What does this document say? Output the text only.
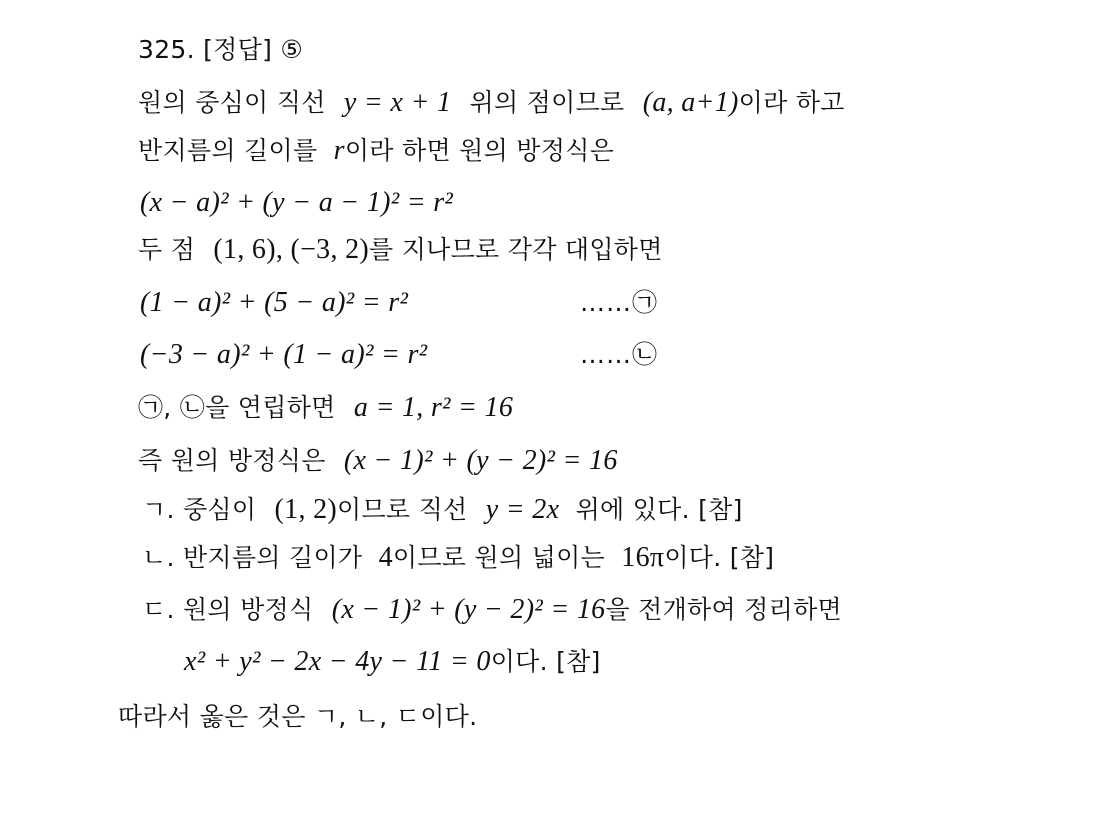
325. [정답] ⑤
원의 중심이 직선 y = x + 1 위의 점이므로 (a, a+1)이라 하고
반지름의 길이를 r이라 하면 원의 방정식은
(x − a)² + (y − a − 1)² = r²
두 점 (1, 6), (−3, 2)를 지나므로 각각 대입하면
(1 − a)² + (5 − a)² = r²	……㉠
(−3 − a)² + (1 − a)² = r²	……㉡
㉠, ㉡을 연립하면 a = 1, r² = 16
즉 원의 방정식은 (x − 1)² + (y − 2)² = 16
ㄱ. 중심이 (1, 2)이므로 직선 y = 2x 위에 있다. [참]
ㄴ. 반지름의 길이가 4이므로 원의 넓이는 16π이다. [참]
ㄷ. 원의 방정식 (x − 1)² + (y − 2)² = 16을 전개하여 정리하면
x² + y² − 2x − 4y − 11 = 0이다. [참]
따라서 옳은 것은 ㄱ, ㄴ, ㄷ이다.
